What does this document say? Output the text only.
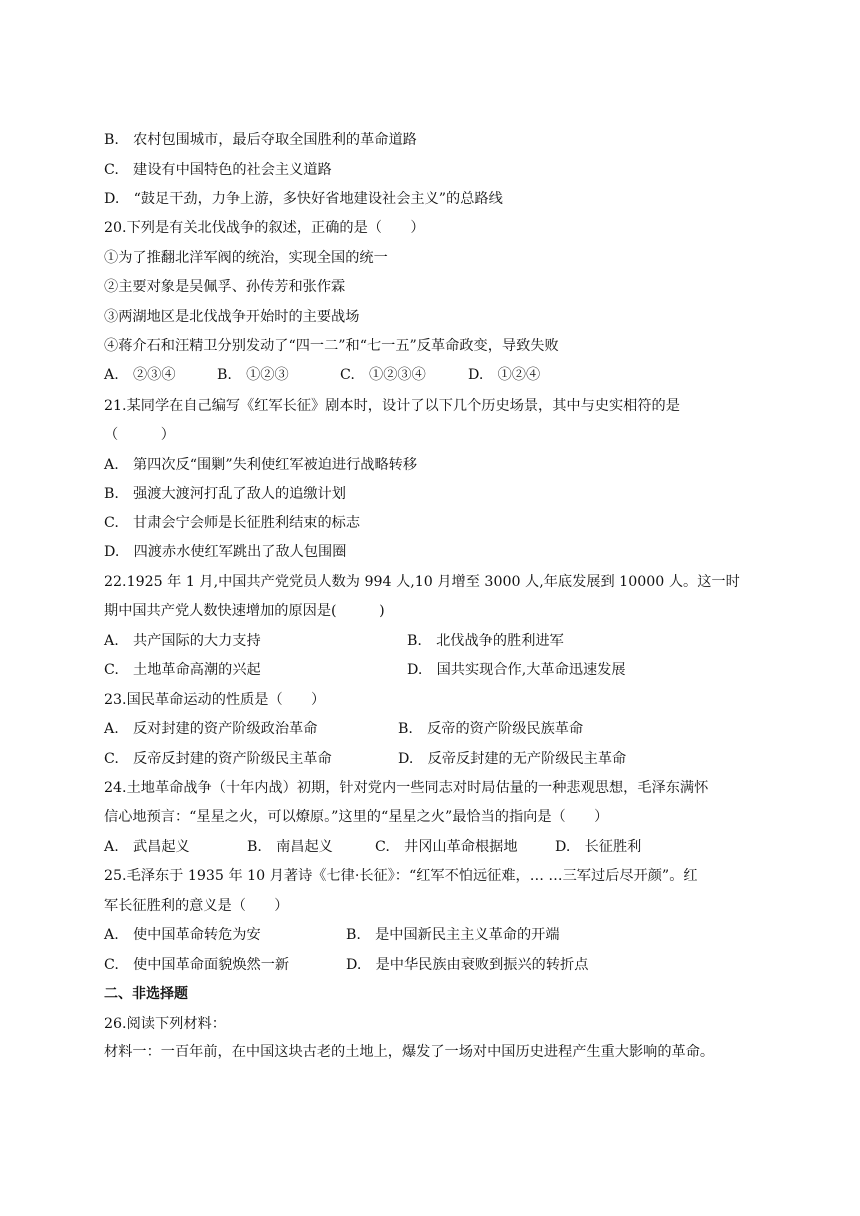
B.　农村包围城市，最后夺取全国胜利的革命道路
C.　建设有中国特色的社会主义道路
D.　“鼓足干劲，力争上游，多快好省地建设社会主义”的总路线
20.下列是有关北伐战争的叙述，正确的是（　　）
①为了推翻北洋军阀的统治，实现全国的统一
②主要对象是吴佩孚、孙传芳和张作霖
③两湖地区是北伐战争开始时的主要战场
④蒋介石和汪精卫分别发动了“四一二”和“七一五”反革命政变，导致失败
A.　②③④	B.　①②③	C.　①②③④	D.　①②④
21.某同学在自己编写《红军长征》剧本时，设计了以下几个历史场景，其中与史实相符的是
（　　　）
A.　第四次反“围剿”失利使红军被迫进行战略转移
B.　强渡大渡河打乱了敌人的追缴计划
C.　甘肃会宁会师是长征胜利结束的标志
D.　四渡赤水使红军跳出了敌人包围圈
22.1925 年 1 月,中国共产党党员人数为 994 人,10 月增至 3000 人,年底发展到 10000 人。这一时
期中国共产党人数快速增加的原因是(　　　)
A.　共产国际的大力支持	B.　北伐战争的胜利进军
C.　土地革命高潮的兴起	D.　国共实现合作,大革命迅速发展
23.国民革命运动的性质是（　　）
A.　反对封建的资产阶级政治革命	B.　反帝的资产阶级民族革命
C.　反帝反封建的资产阶级民主革命	D.　反帝反封建的无产阶级民主革命
24.土地革命战争（十年内战）初期，针对党内一些同志对时局估量的一种悲观思想，毛泽东满怀
信心地预言：“星星之火，可以燎原。”这里的“星星之火”最恰当的指向是（　　）
A.　武昌起义	B.　南昌起义	C.　井冈山革命根据地	D.　长征胜利
25.毛泽东于 1935 年 10 月著诗《七律·长征》：“红军不怕远征难，… …三军过后尽开颜”。红
军长征胜利的意义是（　　）
A.　使中国革命转危为安	B.　是中国新民主主义革命的开端
C.　使中国革命面貌焕然一新	D.　是中华民族由衰败到振兴的转折点
二、非选择题
26.阅读下列材料：
材料一：一百年前，在中国这块古老的土地上，爆发了一场对中国历史进程产生重大影响的革命。
